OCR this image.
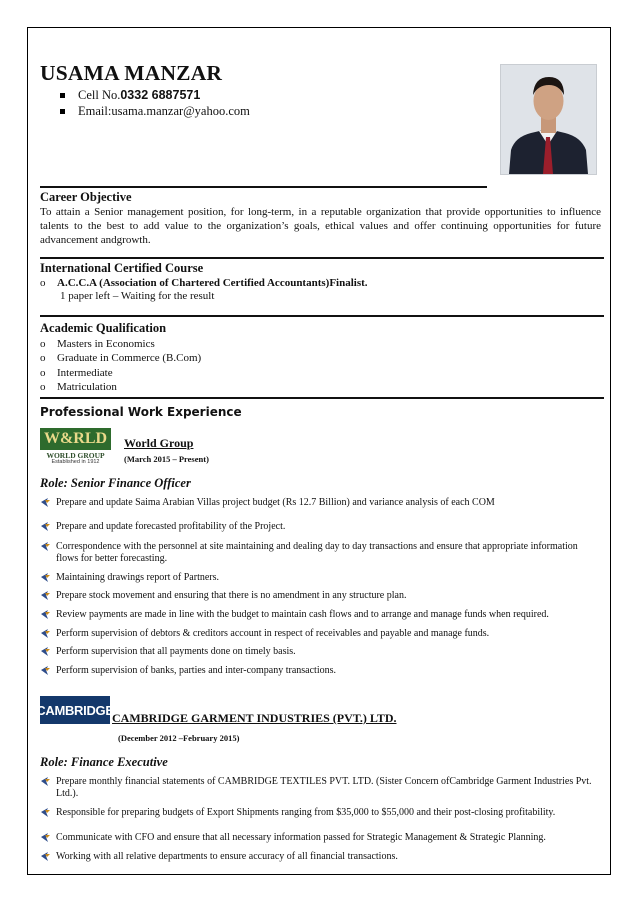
USAMA MANZAR
Cell No.0332 6887571
Email:usama.manzar@yahoo.com
Career Objective
To attain a Senior management position, for long-term, in a reputable organization that provide opportunities to influence talents to the best to add value to the organization’s goals, ethical values and offer continuing opportunities for future advancement andgrowth.
International Certified Course
o A.C.C.A (Association of Chartered Certified Accountants)Finalist.
1 paper left – Waiting for the result
Academic Qualification
o Masters in Economics
o Graduate in Commerce (B.Com)
o Intermediate
o Matriculation
Professional Work Experience
W&RLD
WORLD GROUP
Established in 1912
World Group
(March 2015 – Present)
Role: Senior Finance Officer
Prepare and update Saima Arabian Villas project budget (Rs 12.7 Billion) and variance analysis of each COM
Prepare and update forecasted profitability of the Project.
Correspondence with the personnel at site maintaining and dealing day to day transactions and ensure that appropriate information flows for better forecasting.
Maintaining drawings report of Partners.
Prepare stock movement and ensuring that there is no amendment in any structure plan.
Review payments are made in line with the budget to maintain cash flows and to arrange and manage funds when required.
Perform supervision of debtors & creditors account in respect of receivables and payable and manage funds.
Perform supervision that all payments done on timely basis.
Perform supervision of banks, parties and inter-company transactions.
CAMBRIDGE
CAMBRIDGE GARMENT INDUSTRIES (PVT.) LTD.
(December 2012 –February 2015)
Role: Finance Executive
Prepare monthly financial statements of CAMBRIDGE TEXTILES PVT. LTD. (Sister Concern ofCambridge Garment Industries Pvt. Ltd.).
Responsible for preparing budgets of Export Shipments ranging from $35,000 to $55,000 and their post-closing profitability.
Communicate with CFO and ensure that all necessary information passed for Strategic Management & Strategic Planning.
Working with all relative departments to ensure accuracy of all financial transactions.
